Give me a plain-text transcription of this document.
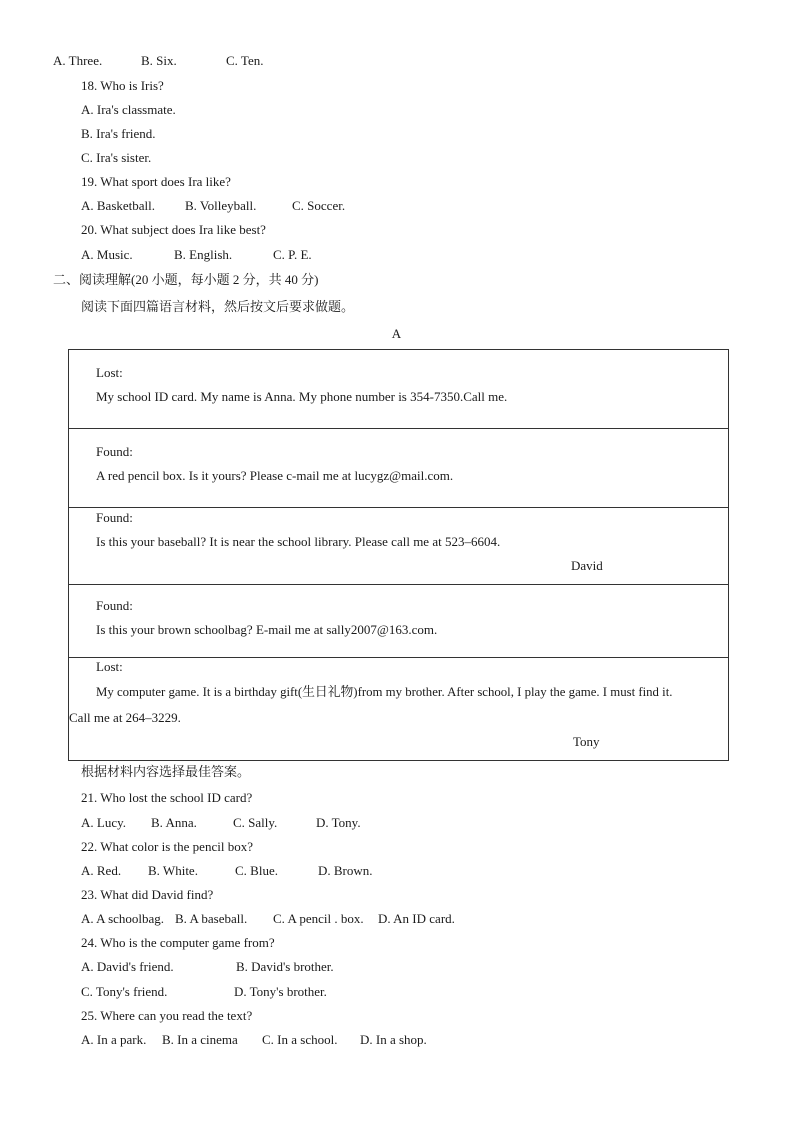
A. Three.	B. Six.	C. Ten.
18. Who is Iris?
A. Ira's classmate.
B. Ira's friend.
C. Ira's sister.
19. What sport does Ira like?
A. Basketball. B. Volleyball.	C. Soccer.
20. What subject does Ira like best?
A. Music.	B. English.	C. P. E.
二、阅读理解(20 小题，每小题 2 分，共 40 分)
阅读下面四篇语言材料，然后按文后要求做题。
A
Lost:
My school ID card. My name is Anna. My phone number is 354-7350.Call me.
Found:
A red pencil box. Is it yours? Please c-mail me at lucygz@mail.com.
Found:
Is this your baseball? It is near the school library. Please call me at 523–6604.
David
Found:
Is this your brown schoolbag? E-mail me at sally2007@163.com.
Lost:
My computer game. It is a birthday gift(生日礼物)from my brother. After school, I play the game. I must find it.
Call me at 264–3229.
Tony
根据材料内容选择最佳答案。
21. Who lost the school ID card?
A. Lucy. B. Anna.	C. Sally.	D. Tony.
22. What color is the pencil box?
A. Red. B. White.	C. Blue.	D. Brown.
23. What did David find?
A. A schoolbag. B. A baseball. C. A pencil . box. D. An ID card.
24. Who is the computer game from?
A. David's friend.	B. David's brother.
C. Tony's friend.	D. Tony's brother.
25. Where can you read the text?
A. In a park. B. In a cinema C. In a school. D. In a shop.
